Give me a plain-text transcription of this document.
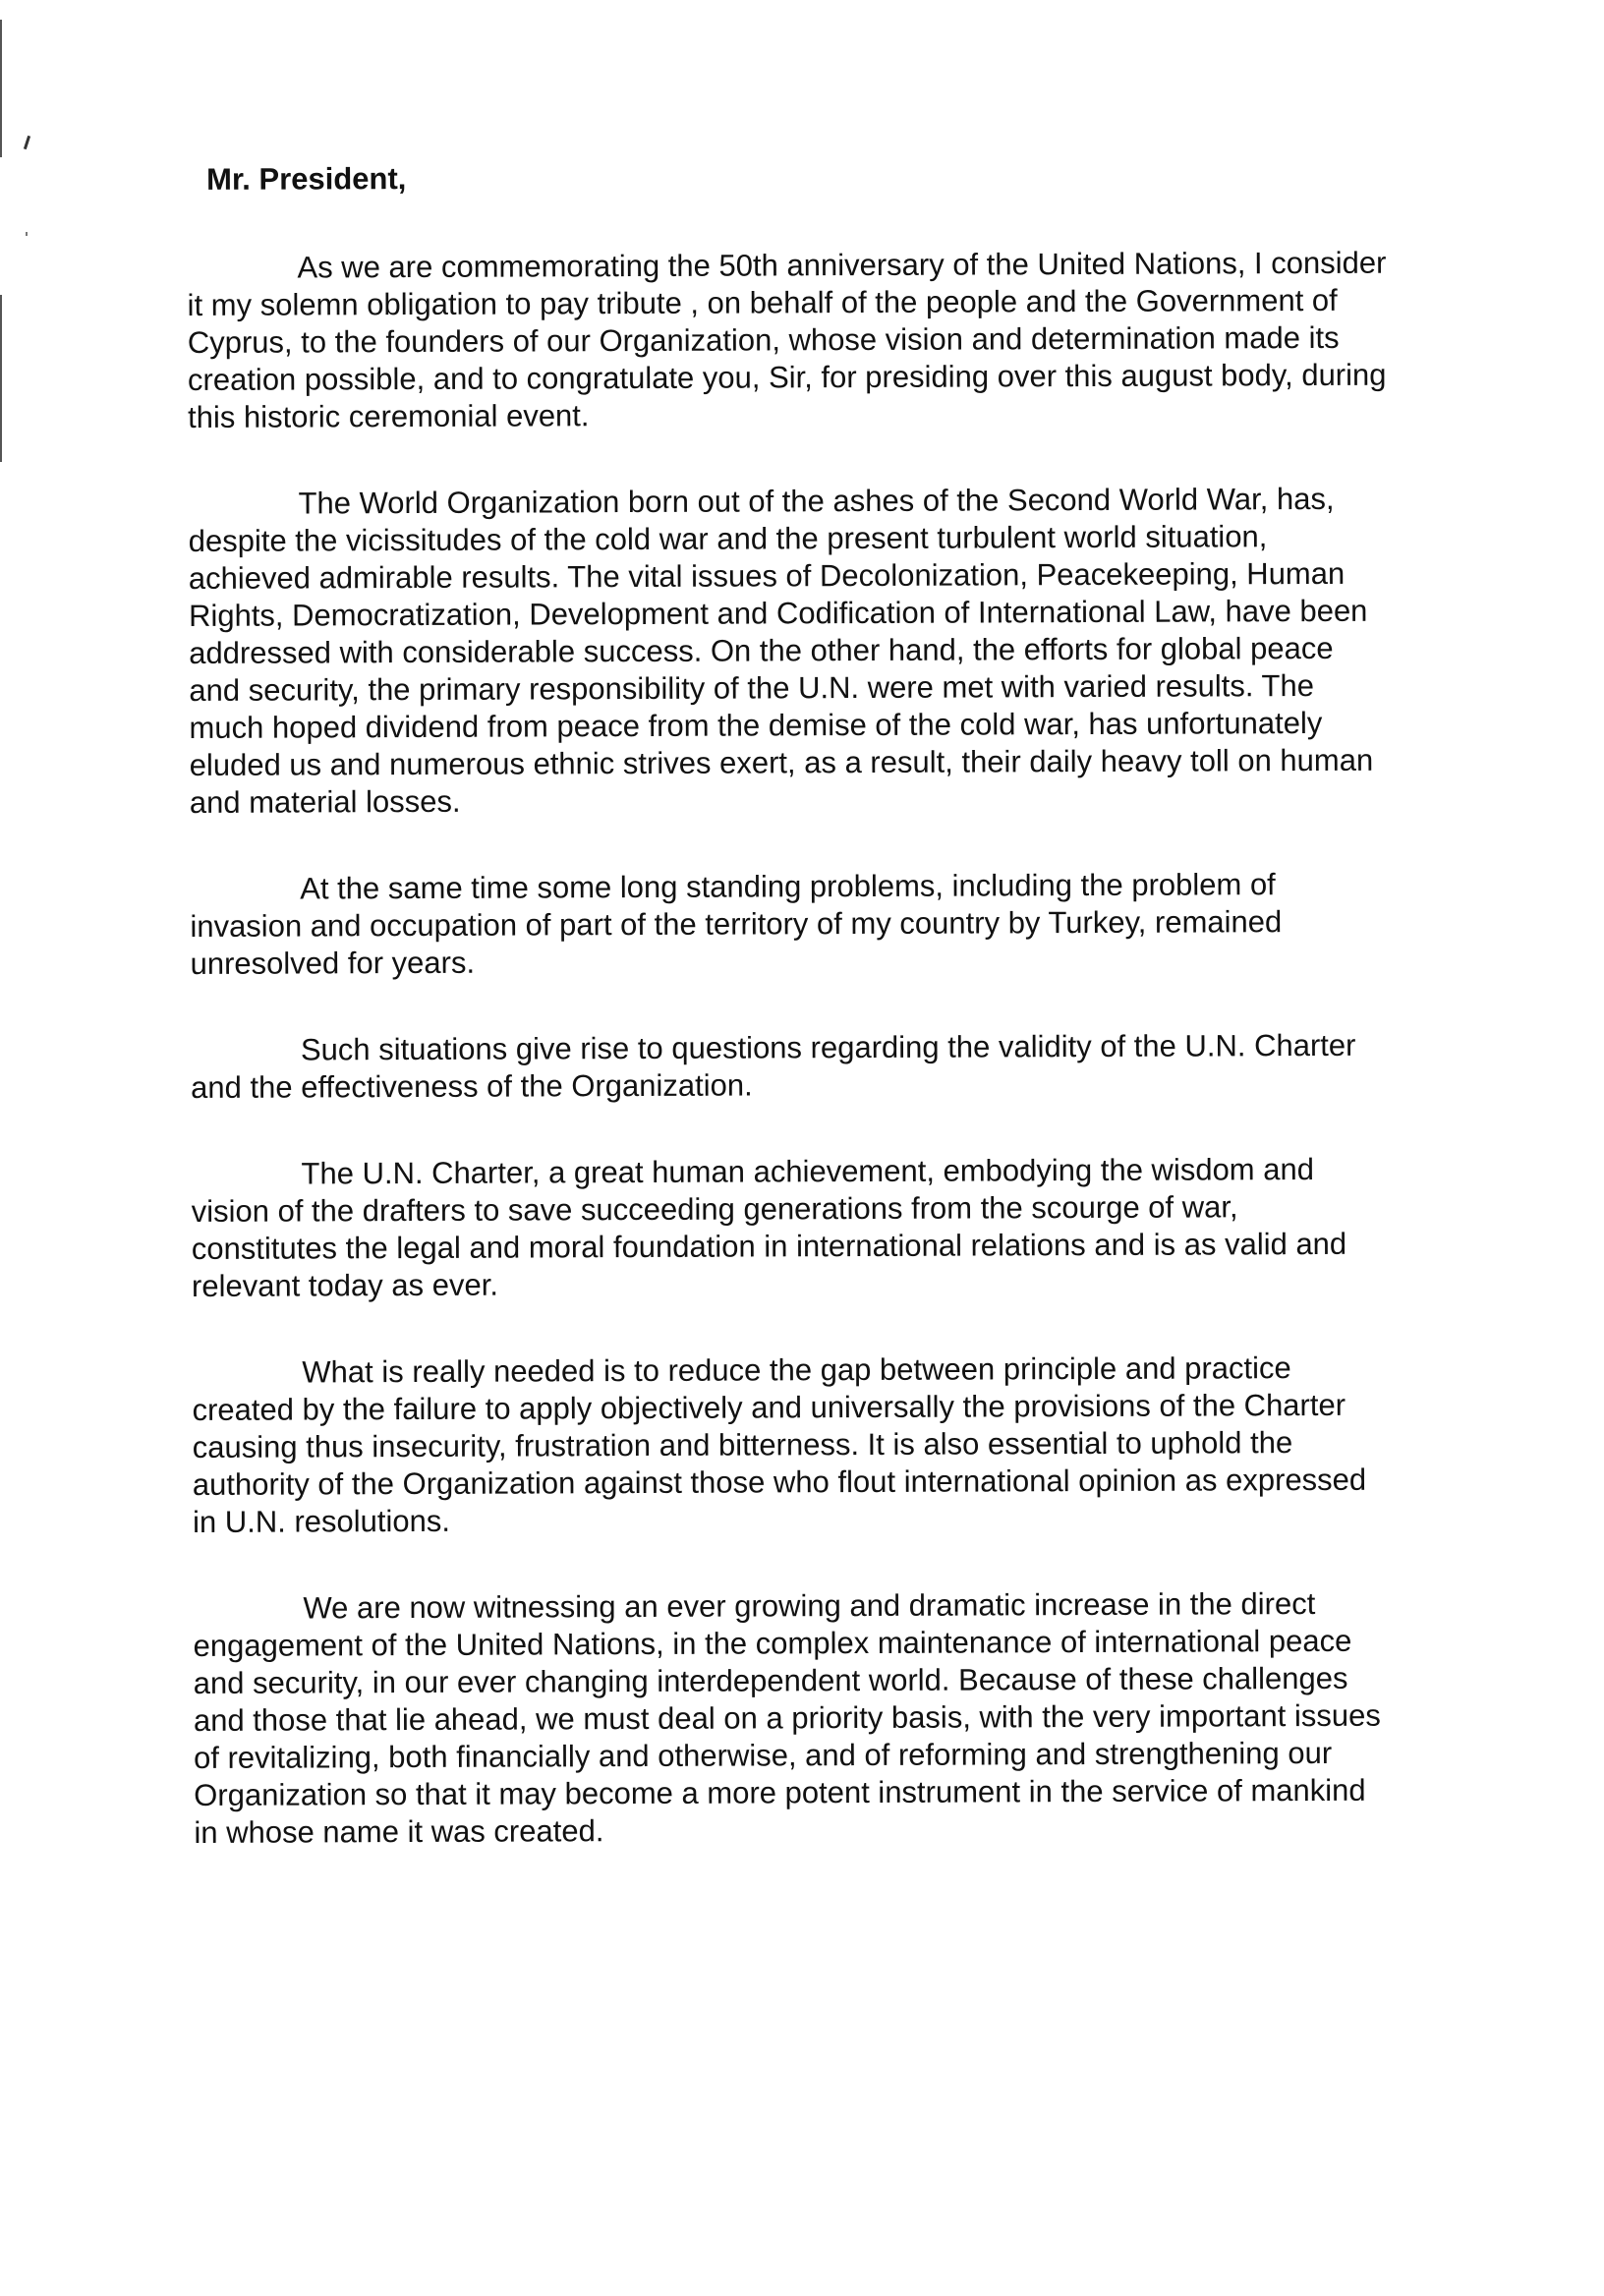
Mr. President,

As we are commemorating the 50th anniversary of the United Nations, I consider it my solemn obligation to pay tribute , on behalf of the people and the Government of Cyprus, to the founders of our Organization, whose vision and determination made its creation possible, and to congratulate you, Sir, for presiding over this august body, during this historic ceremonial event.

The World Organization born out of the ashes of the Second World War, has, despite the vicissitudes of the cold war and the present turbulent world situation, achieved admirable results. The vital issues of Decolonization, Peacekeeping, Human Rights, Democratization, Development and Codification of International Law, have been addressed with considerable success. On the other hand, the efforts for global peace and security, the primary responsibility of the U.N. were met with varied results. The much hoped dividend from peace from the demise of the cold war, has unfortunately eluded us and numerous ethnic strives exert, as a result, their daily heavy toll on human and material losses.

At the same time some long standing problems, including the problem of invasion and occupation of part of the territory of my country by Turkey, remained unresolved for years.

Such situations give rise to questions regarding the validity of the U.N. Charter and the effectiveness of the Organization.

The U.N. Charter, a great human achievement, embodying the wisdom and vision of the drafters to save succeeding generations from the scourge of war, constitutes the legal and moral foundation in international relations and is as valid and relevant today as ever.

What is really needed is to reduce the gap between principle and practice created by the failure to apply objectively and universally the provisions of the Charter causing thus insecurity, frustration and bitterness. It is also essential to uphold the authority of the Organization against those who flout international opinion as expressed in U.N. resolutions.

We are now witnessing an ever growing and dramatic increase in the direct engagement of the United Nations, in the complex maintenance of international peace and security, in our ever changing interdependent world. Because of these challenges and those that lie ahead, we must deal on a priority basis, with the very important issues of revitalizing, both financially and otherwise, and of reforming and strengthening our Organization so that it may become a more potent instrument in the service of mankind in whose name it was created.
